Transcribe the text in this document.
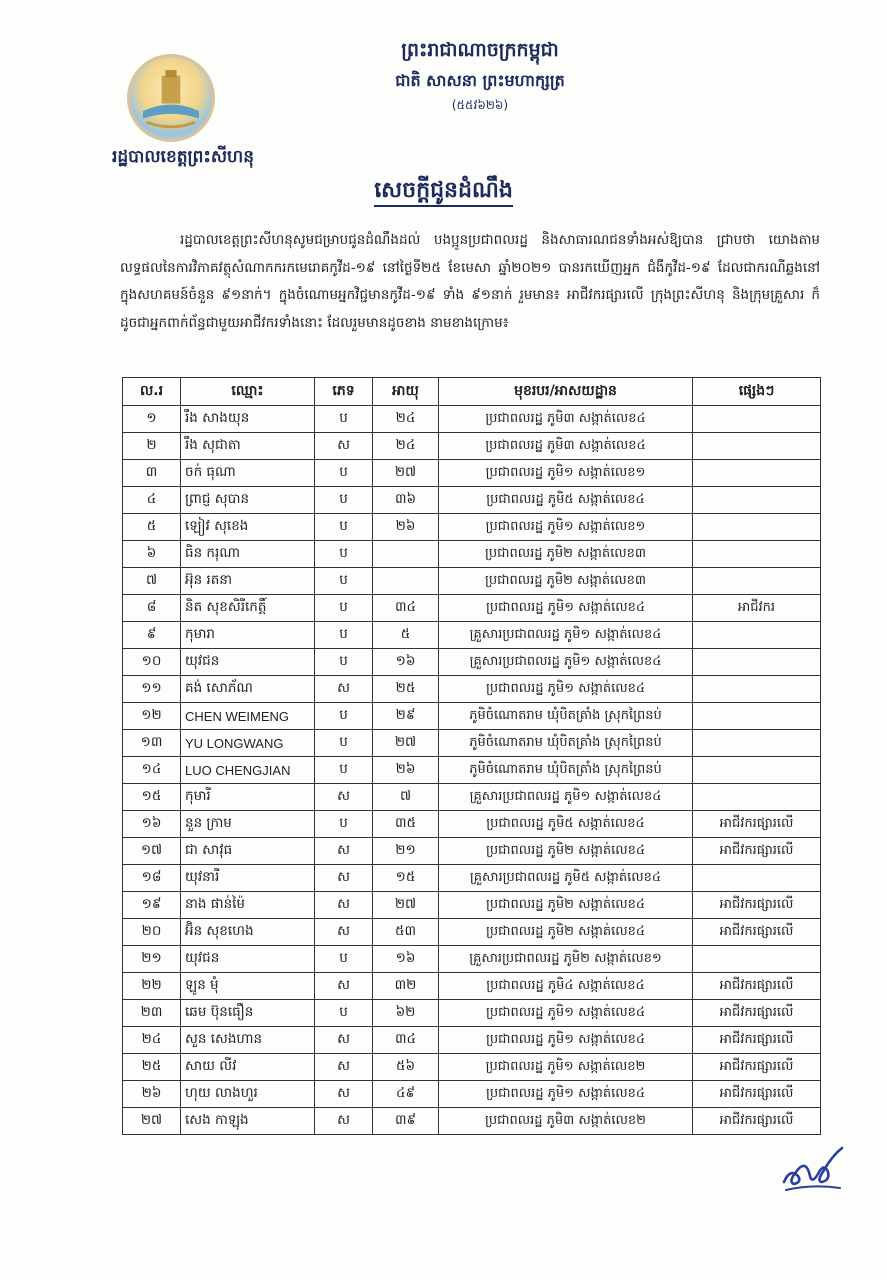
រដ្ឋបាលខេត្តព្រះសីហនុ
ព្រះរាជាណាចក្រកម្ពុជា
ជាតិ សាសនា ព្រះមហាក្សត្រ
(៥៥វ៦២៦)
សេចក្តីជូនដំណឹង
រដ្ឋបាលខេត្តព្រះសីហនុសូមជម្រាបជូនដំណឹងដល់ បងប្អូនប្រជាពលរដ្ឋ និងសាធារណជនទាំងអស់ឱ្យបាន ជ្រាបថា យោងតាមលទ្ធផលនៃការវិភាគវត្ថុសំណាកករកមេរោគកូវីដ-១៩ នៅថ្ងៃទី២៥ ខែមេសា ឆ្នាំ២០២១ បានរកឃើញអ្នក ជំងឺកូវីដ-១៩ ដែលជាករណីឆ្លងនៅក្នុងសហគមន៍ចំនួន ៩១នាក់។ ក្នុងចំណោមអ្នកវិជ្ជមានកូវីដ-១៩ ទាំង ៩១នាក់ រួមមាន៖ អាជីវករផ្សារលើ ក្រុងព្រះសីហនុ និងក្រុមគ្រួសារ ក៏ដូចជាអ្នកពាក់ព័ន្ធជាមួយអាជីវករទាំងនោះ ដែលរួមមានដូចខាង នាមខាងក្រោម៖
ល.រ	ឈ្មោះ	ភេទ	អាយុ	មុខរបរ/អាសយដ្ឋាន	ផ្សេងៗ
១	រឹង សាងយុន	ប	២៤	ប្រជាពលរដ្ឋ ភូមិ៣ សង្កាត់លេខ៤	
២	រឹង សុជាតា	ស	២៤	ប្រជាពលរដ្ឋ ភូមិ៣ សង្កាត់លេខ៤	
៣	ចក់ ធុណា	ប	២៧	ប្រជាពលរដ្ឋ ភូមិ១ សង្កាត់លេខ១	
៤	ព្រាជ្ញ សុបាន	ប	៣៦	ប្រជាពលរដ្ឋ ភូមិ៥ សង្កាត់លេខ៤	
៥	ឡៀវ សុខេង	ប	២៦	ប្រជាពលរដ្ឋ ភូមិ១ សង្កាត់លេខ១	
៦	ធិន ករុណា	ប		ប្រជាពលរដ្ឋ ភូមិ២ សង្កាត់លេខ៣	
៧	អ៊ុន រតនា	ប		ប្រជាពលរដ្ឋ ភូមិ២ សង្កាត់លេខ៣	
៨	និត សុខសិរីកេត្តិ៍	ប	៣៤	ប្រជាពលរដ្ឋ ភូមិ១ សង្កាត់លេខ៤	អាជីវករ
៩	កុមារា	ប	៥	គ្រួសារប្រជាពលរដ្ឋ ភូមិ១ សង្កាត់លេខ៤	
១០	យុវជន	ប	១៦	គ្រួសារប្រជាពលរដ្ឋ ភូមិ១ សង្កាត់លេខ៤	
១១	គង់ សោភ័ណ	ស	២៥	ប្រជាពលរដ្ឋ ភូមិ១ សង្កាត់លេខ៤	
១២	CHEN WEIMENG	ប	២៩	ភូមិចំណោតរាម ឃុំបិតត្រាំង ស្រុកព្រៃនប់	
១៣	YU LONGWANG	ប	២៧	ភូមិចំណោតរាម ឃុំបិតត្រាំង ស្រុកព្រៃនប់	
១៤	LUO CHENGJIAN	ប	២៦	ភូមិចំណោតរាម ឃុំបិតត្រាំង ស្រុកព្រៃនប់	
១៥	កុមារី	ស	៧	គ្រួសារប្រជាពលរដ្ឋ ភូមិ១ សង្កាត់លេខ៤	
១៦	នួន ក្រាម	ប	៣៥	ប្រជាពលរដ្ឋ ភូមិ៥ សង្កាត់លេខ៤	អាជីវករផ្សារលើ
១៧	ជា សាវុធ	ស	២១	ប្រជាពលរដ្ឋ ភូមិ២ សង្កាត់លេខ៤	អាជីវករផ្សារលើ
១៨	យុវនារី	ស	១៥	គ្រួសារប្រជាពលរដ្ឋ ភូមិ៥ សង្កាត់លេខ៤	
១៩	នាង ផាន់ម៉ៃ	ស	២៧	ប្រជាពលរដ្ឋ ភូមិ២ សង្កាត់លេខ៤	អាជីវករផ្សារលើ
២០	អ៊ិន សុខហេង	ស	៥៣	ប្រជាពលរដ្ឋ ភូមិ២ សង្កាត់លេខ៤	អាជីវករផ្សារលើ
២១	យុវជន	ប	១៦	គ្រួសារប្រជាពលរដ្ឋ ភូមិ២ សង្កាត់លេខ១	
២២	ឡូន មុំ	ស	៣២	ប្រជាពលរដ្ឋ ភូមិ៤ សង្កាត់លេខ៤	អាជីវករផ្សារលើ
២៣	ឆេម ប៊ុនធឿន	ប	៦២	ប្រជាពលរដ្ឋ ភូមិ១ សង្កាត់លេខ៤	អាជីវករផ្សារលើ
២៤	សួន សេងហាន	ស	៣៤	ប្រជាពលរដ្ឋ ភូមិ១ សង្កាត់លេខ៤	អាជីវករផ្សារលើ
២៥	សាយ លីវ	ស	៥៦	ប្រជាពលរដ្ឋ ភូមិ១ សង្កាត់លេខ២	អាជីវករផ្សារលើ
២៦	ហុយ លាងហួរ	ស	៤៩	ប្រជាពលរដ្ឋ ភូមិ១ សង្កាត់លេខ៤	អាជីវករផ្សារលើ
២៧	សេង កាឡុង	ស	៣៩	ប្រជាពលរដ្ឋ ភូមិ៣ សង្កាត់លេខ២	អាជីវករផ្សារលើ
